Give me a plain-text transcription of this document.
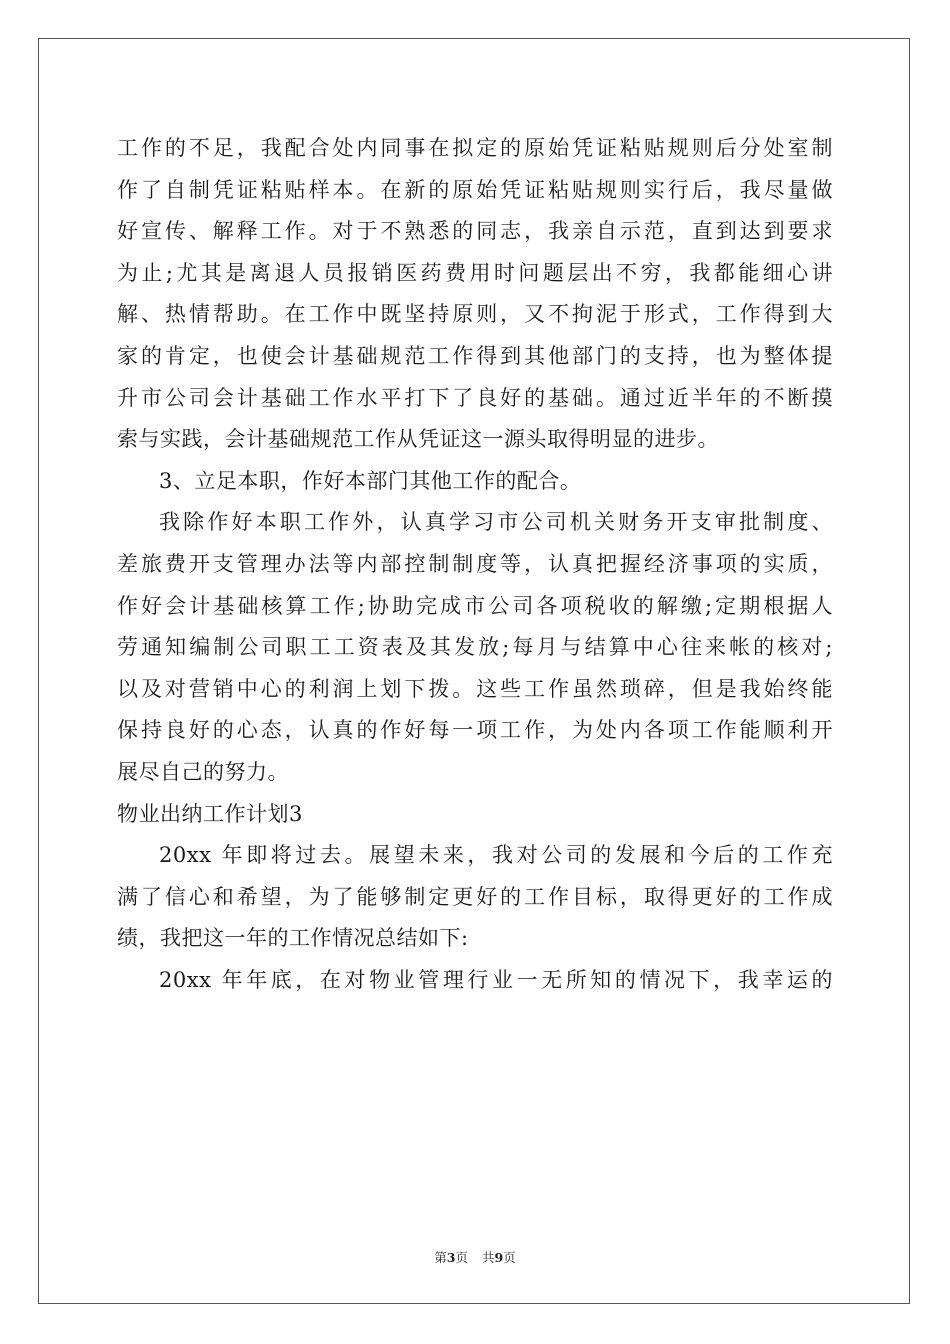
工作的不足，我配合处内同事在拟定的原始凭证粘贴规则后分处室制
作了自制凭证粘贴样本。在新的原始凭证粘贴规则实行后，我尽量做
好宣传、解释工作。对于不熟悉的同志，我亲自示范，直到达到要求
为止;尤其是离退人员报销医药费用时问题层出不穷，我都能细心讲
解、热情帮助。在工作中既坚持原则，又不拘泥于形式，工作得到大
家的肯定，也使会计基础规范工作得到其他部门的支持，也为整体提
升市公司会计基础工作水平打下了良好的基础。通过近半年的不断摸
索与实践，会计基础规范工作从凭证这一源头取得明显的进步。
3、立足本职，作好本部门其他工作的配合。
我除作好本职工作外，认真学习市公司机关财务开支审批制度、
差旅费开支管理办法等内部控制制度等，认真把握经济事项的实质，
作好会计基础核算工作;协助完成市公司各项税收的解缴;定期根据人
劳通知编制公司职工工资表及其发放;每月与结算中心往来帐的核对;
以及对营销中心的利润上划下拨。这些工作虽然琐碎，但是我始终能
保持良好的心态，认真的作好每一项工作，为处内各项工作能顺利开
展尽自己的努力。
物业出纳工作计划3
20xx 年即将过去。展望未来，我对公司的发展和今后的工作充
满了信心和希望，为了能够制定更好的工作目标，取得更好的工作成
绩，我把这一年的工作情况总结如下:
20xx 年年底，在对物业管理行业一无所知的情况下，我幸运的
第3页 共9页
